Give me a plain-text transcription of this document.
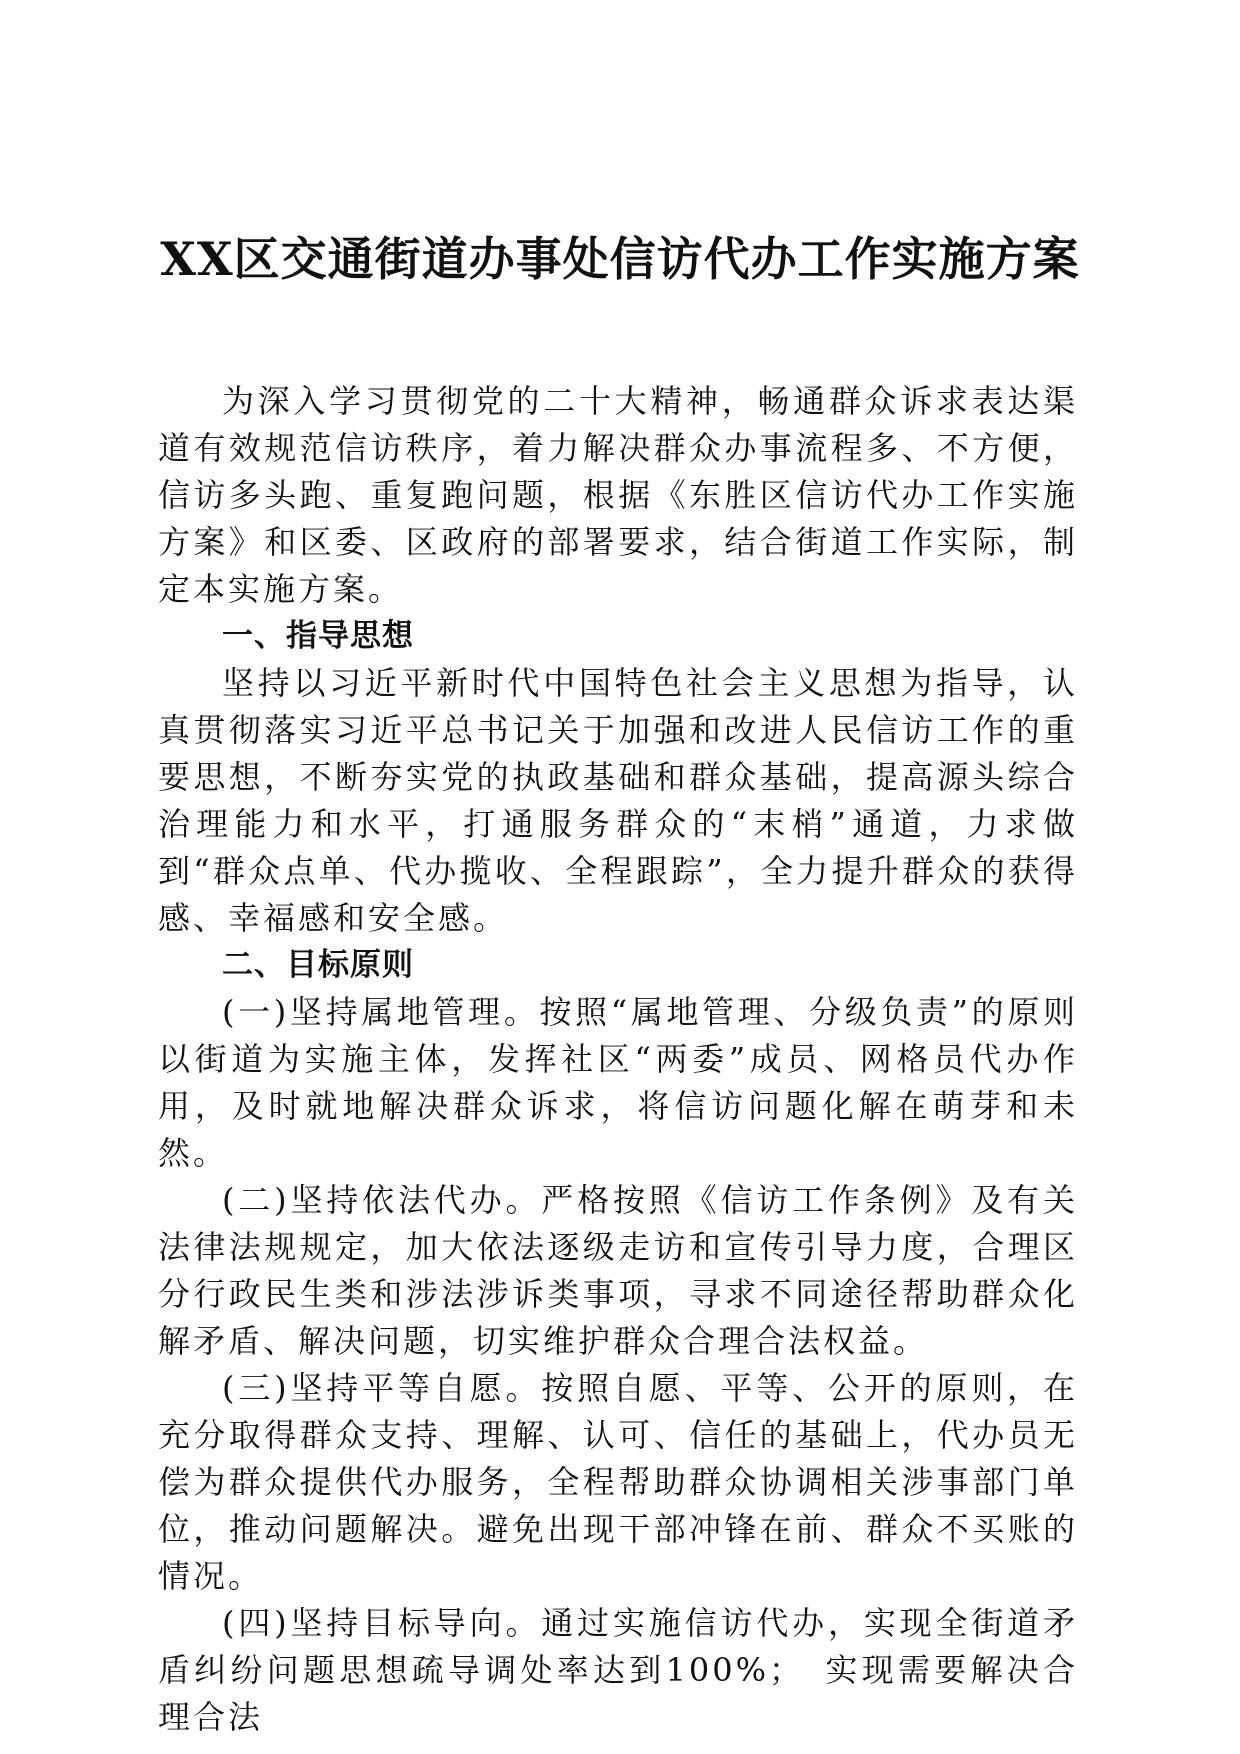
XX区交通街道办事处信访代办工作实施方案

为深入学习贯彻党的二十大精神，畅通群众诉求表达渠道有效规范信访秩序，着力解决群众办事流程多、不方便，信访多头跑、重复跑问题，根据《东胜区信访代办工作实施方案》和区委、区政府的部署要求，结合街道工作实际，制定本实施方案。

一、指导思想

坚持以习近平新时代中国特色社会主义思想为指导，认真贯彻落实习近平总书记关于加强和改进人民信访工作的重要思想，不断夯实党的执政基础和群众基础，提高源头综合治理能力和水平，打通服务群众的“末梢”通道，力求做到“群众点单、代办揽收、全程跟踪”，全力提升群众的获得感、幸福感和安全感。

二、目标原则

(一)坚持属地管理。按照“属地管理、分级负责”的原则以街道为实施主体，发挥社区“两委”成员、网格员代办作用，及时就地解决群众诉求，将信访问题化解在萌芽和未然。

(二)坚持依法代办。严格按照《信访工作条例》及有关法律法规规定，加大依法逐级走访和宣传引导力度，合理区分行政民生类和涉法涉诉类事项，寻求不同途径帮助群众化解矛盾、解决问题，切实维护群众合理合法权益。

(三)坚持平等自愿。按照自愿、平等、公开的原则，在充分取得群众支持、理解、认可、信任的基础上，代办员无偿为群众提供代办服务，全程帮助群众协调相关涉事部门单位，推动问题解决。避免出现干部冲锋在前、群众不买账的情况。

(四)坚持目标导向。通过实施信访代办，实现全街道矛盾纠纷问题思想疏导调处率达到100%；　实现需要解决合理合法
